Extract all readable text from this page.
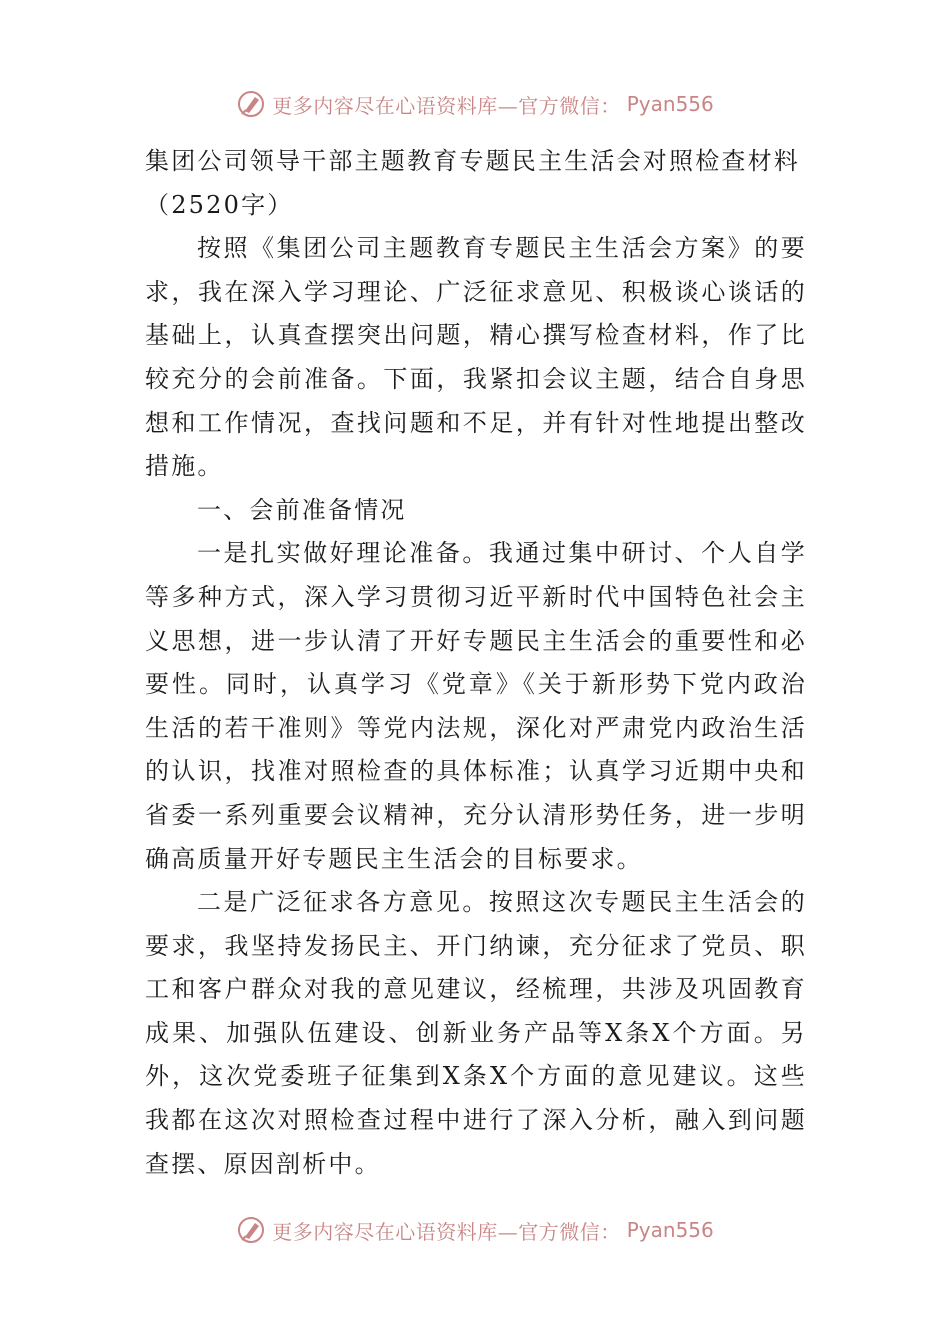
更多内容尽在心语资料库—官方微信： Pyan556
集团公司领导干部主题教育专题民主生活会对照检查材料
（2520字）

按照《集团公司主题教育专题民主生活会方案》的要求，我在深入学习理论、广泛征求意见、积极谈心谈话的基础上，认真查摆突出问题，精心撰写检查材料，作了比较充分的会前准备。下面，我紧扣会议主题，结合自身思想和工作情况，查找问题和不足，并有针对性地提出整改措施。

一、会前准备情况

一是扎实做好理论准备。我通过集中研讨、个人自学等多种方式，深入学习贯彻习近平新时代中国特色社会主义思想，进一步认清了开好专题民主生活会的重要性和必要性。同时，认真学习《党章》《关于新形势下党内政治生活的若干准则》等党内法规，深化对严肃党内政治生活的认识，找准对照检查的具体标准；认真学习近期中央和省委一系列重要会议精神，充分认清形势任务，进一步明确高质量开好专题民主生活会的目标要求。

二是广泛征求各方意见。按照这次专题民主生活会的要求，我坚持发扬民主、开门纳谏，充分征求了党员、职工和客户群众对我的意见建议，经梳理，共涉及巩固教育成果、加强队伍建设、创新业务产品等X条X个方面。另外，这次党委班子征集到X条X个方面的意见建议。这些我都在这次对照检查过程中进行了深入分析，融入到问题查摆、原因剖析中。

更多内容尽在心语资料库—官方微信： Pyan556
